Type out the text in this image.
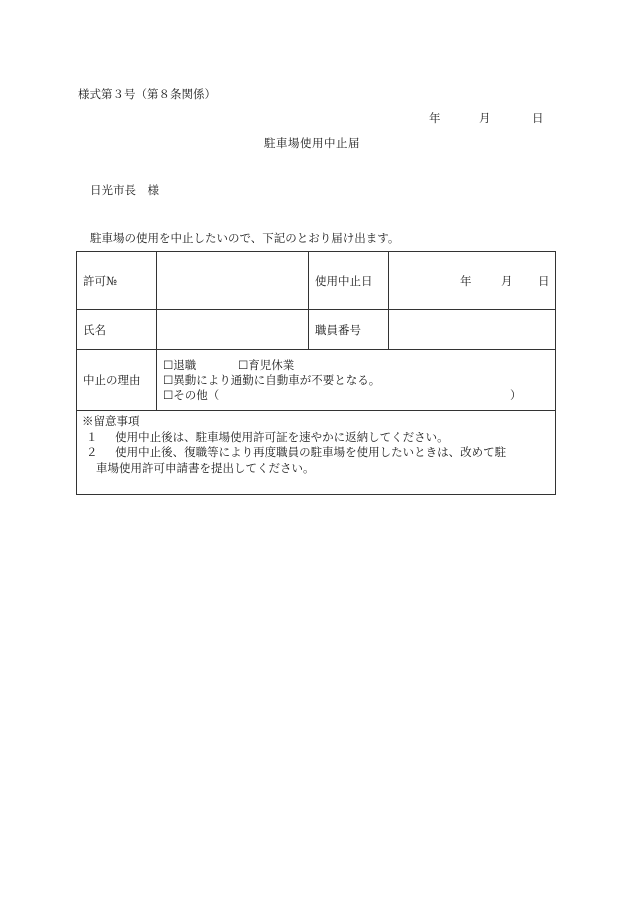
様式第３号（第８条関係）
年	月	日
駐車場使用中止届
日光市長　様
駐車場の使用を中止したいので、下記のとおり届け出ます。
許可№		使用中止日	年 月 日

氏名		職員番号	
中止の理由	☐退職 ☐育児休業
☐異動により通勤に自動車が不要となる。
☐その他（ ）		

※留意事項
１ 使用中止後は、駐車場使用許可証を速やかに返納してください。
２ 使用中止後、復職等により再度職員の駐車場を使用したいときは、改めて駐
車場使用許可申請書を提出してください。			
